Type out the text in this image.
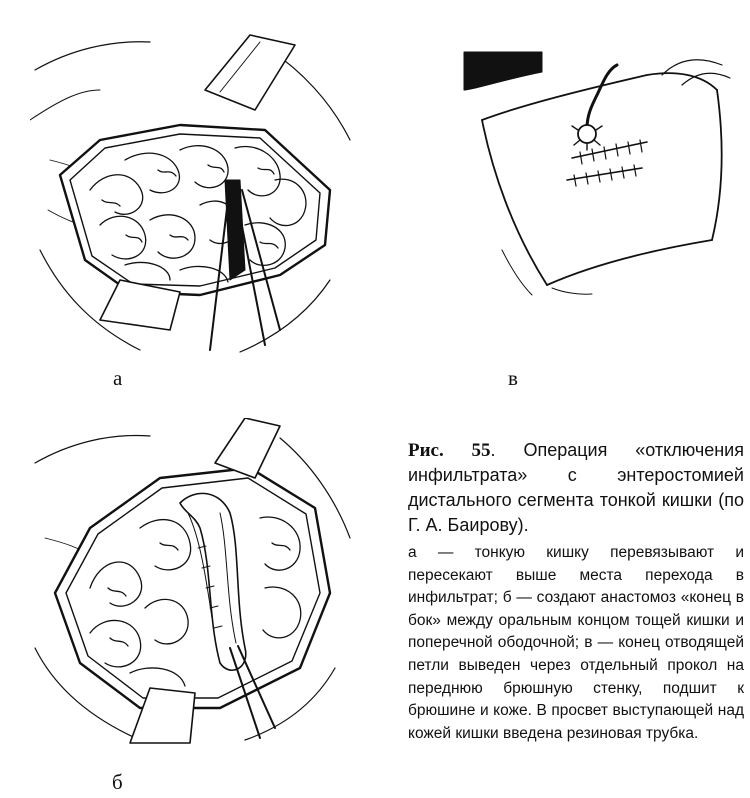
а	в
б

Рис. 55. Операция «отключения инфильтрата» с энтеростомией дистального сегмента тонкой кишки (по Г. А. Баирову).

а — тонкую кишку перевязывают и пересекают выше места перехода в инфильтрат; б — создают анастомоз «конец в бок» между оральным концом тощей кишки и поперечной ободочной; в — конец отводящей петли выведен через отдельный прокол на переднюю брюшную стенку, подшит к брюшине и коже. В просвет выступающей над кожей кишки введена резиновая трубка.
